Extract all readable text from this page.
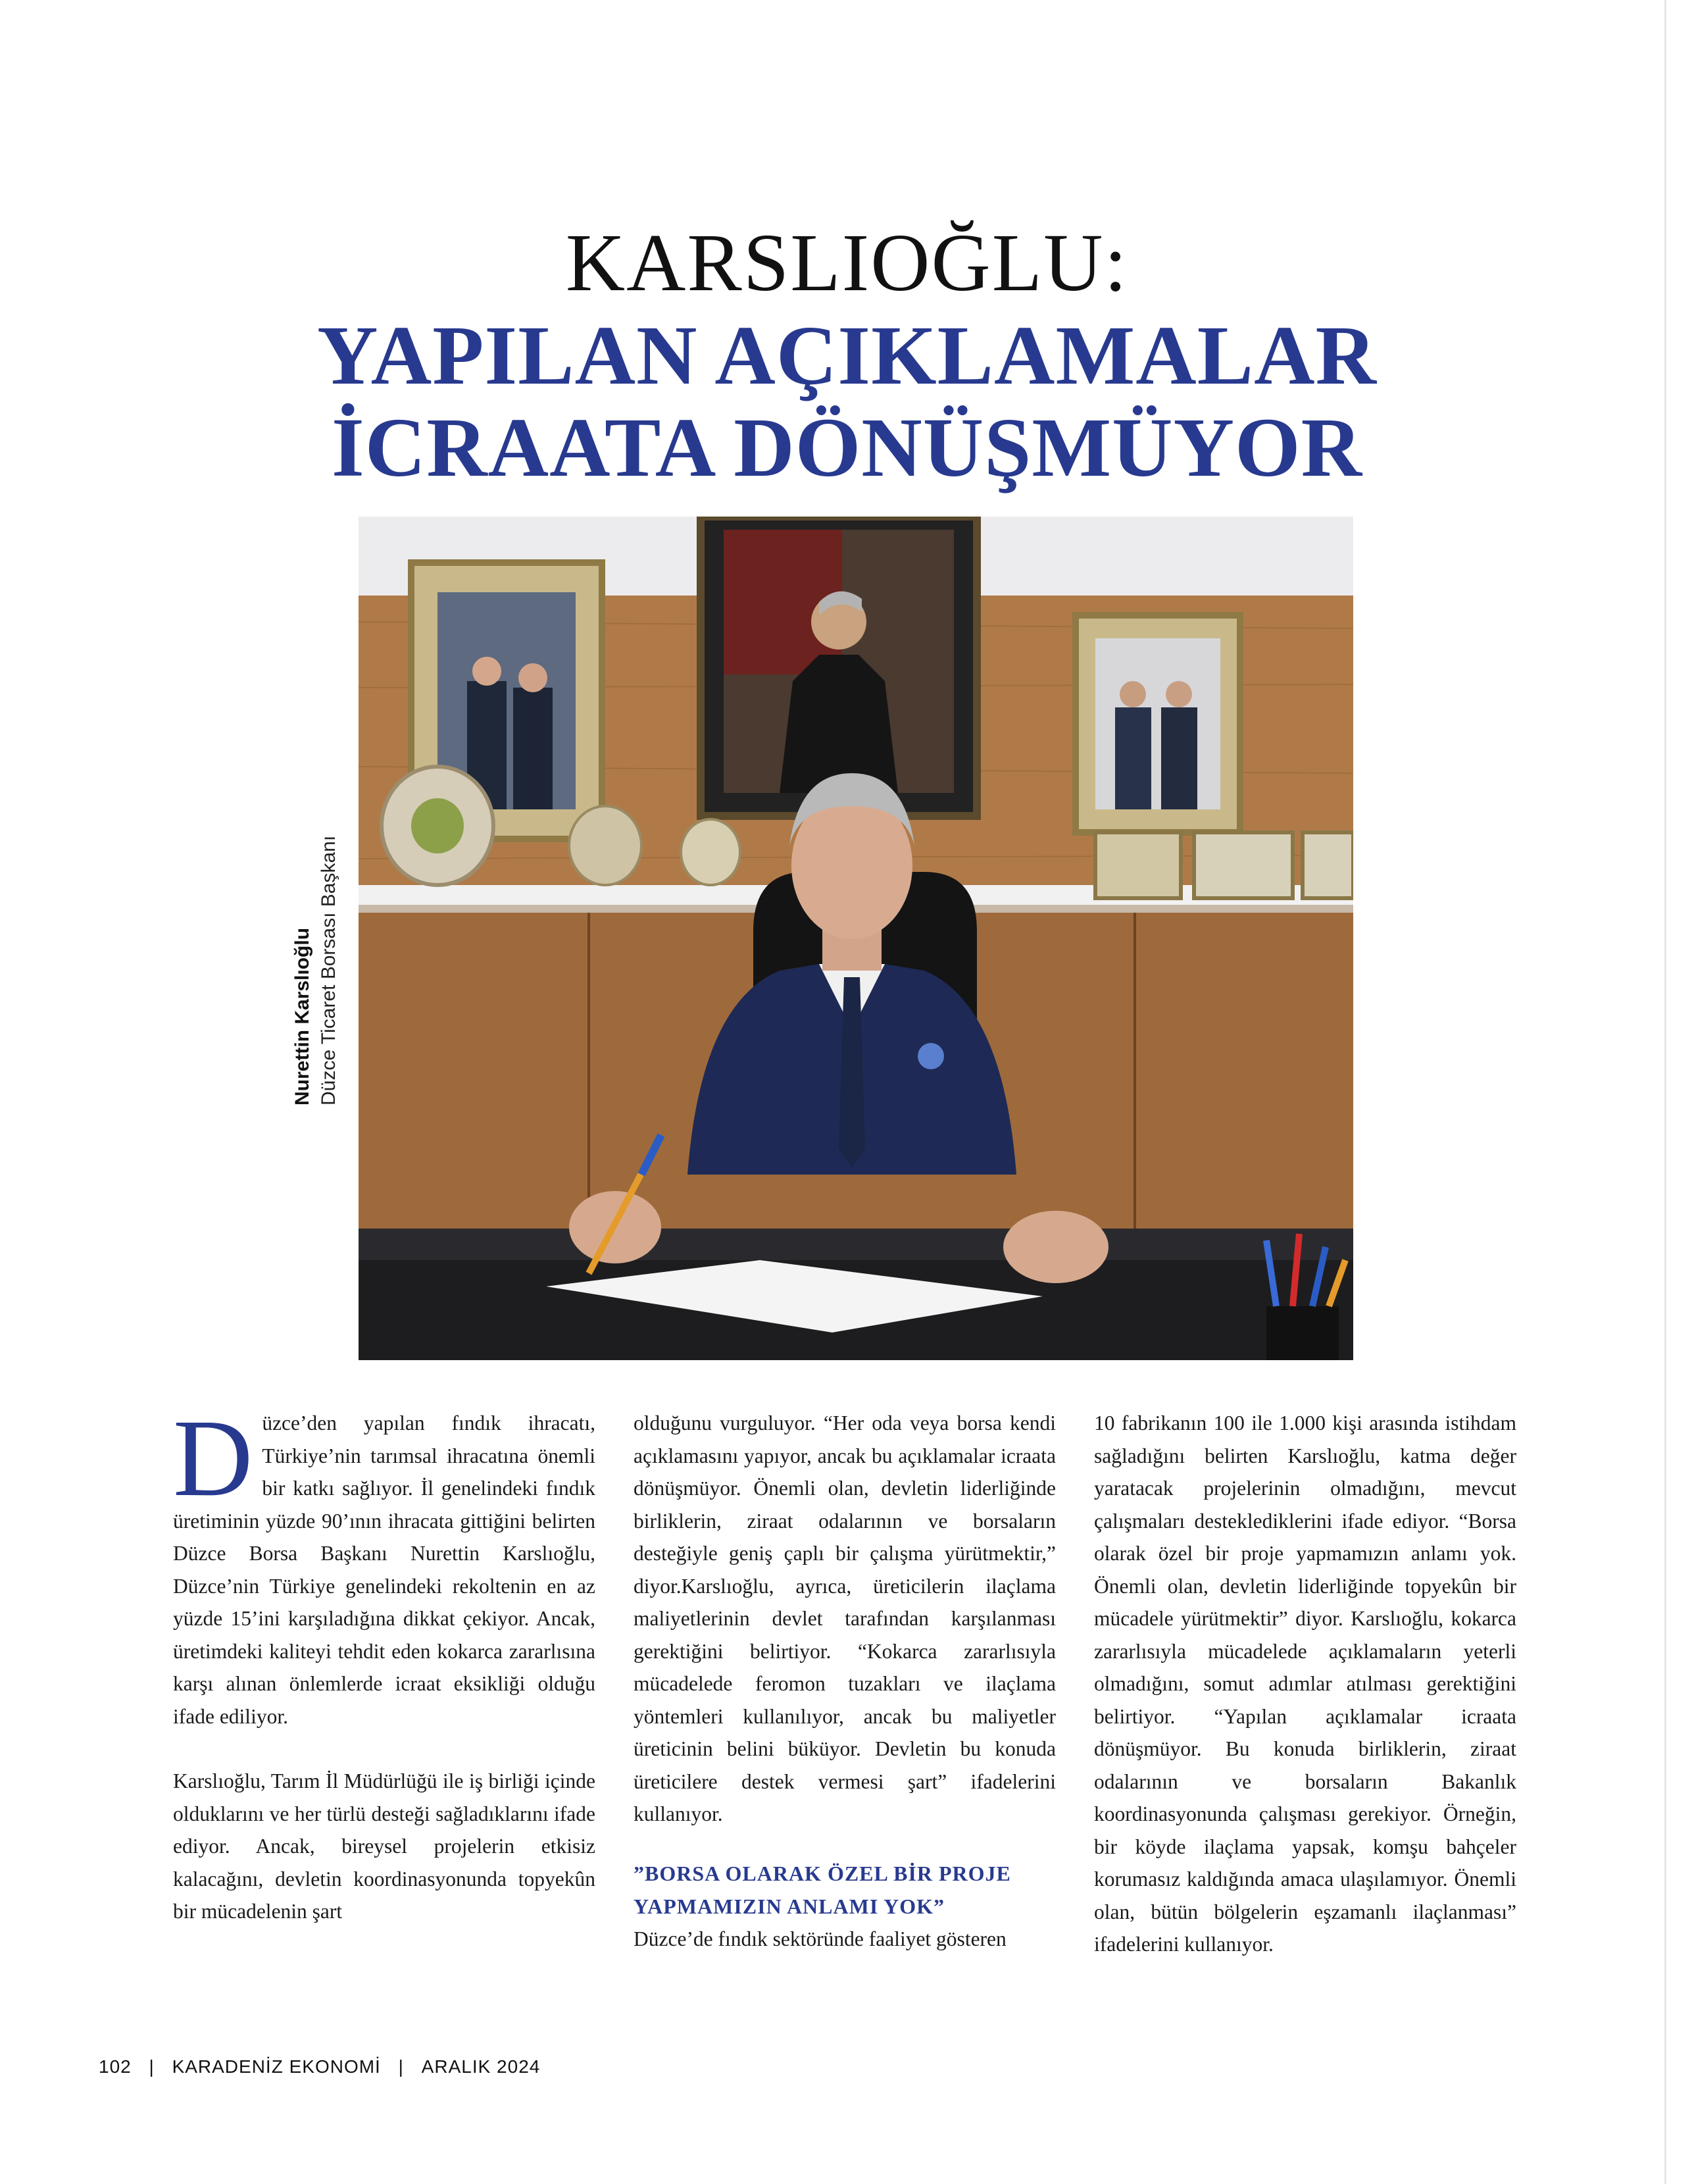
KARSLIOĞLU:
YAPILAN AÇIKLAMALAR
İCRAATA DÖNÜŞMÜYOR
Nurettin Karslıoğlu Düzce Ticaret Borsası Başkanı

Düzce’den yapılan fındık ihracatı, Türkiye’nin tarımsal ihracatına önemli bir katkı sağlıyor. İl genelindeki fındık üretiminin yüzde 90’ının ihracata gittiğini belirten Düzce Borsa Başkanı Nurettin Karslıoğlu, Düzce’nin Türkiye genelindeki rekoltenin en az yüzde 15’ini karşıladığına dikkat çekiyor. Ancak, üretimdeki kaliteyi tehdit eden kokarca zararlısına karşı alınan önlemlerde icraat eksikliği olduğu ifade ediliyor.

Karslıoğlu, Tarım İl Müdürlüğü ile iş birliği içinde olduklarını ve her türlü desteği sağladıklarını ifade ediyor. Ancak, bireysel projelerin etkisiz kalacağını, devletin koordinasyonunda topyekûn bir mücadelenin şart

olduğunu vurguluyor. “Her oda veya borsa kendi açıklamasını yapıyor, ancak bu açıklamalar icraata dönüşmüyor. Önemli olan, devletin liderliğinde birliklerin, ziraat odalarının ve borsaların desteğiyle geniş çaplı bir çalışma yürütmektir,” diyor.Karslıoğlu, ayrıca, üreticilerin ilaçlama maliyetlerinin devlet tarafından karşılanması gerektiğini belirtiyor. “Kokarca zararlısıyla mücadelede feromon tuzakları ve ilaçlama yöntemleri kullanılıyor, ancak bu maliyetler üreticinin belini büküyor. Devletin bu konuda üreticilere destek vermesi şart” ifadelerini kullanıyor.

”BORSA OLARAK ÖZEL BİR PROJE YAPMAMIZIN ANLAMI YOK”

Düzce’de fındık sektöründe faaliyet gösteren

10 fabrikanın 100 ile 1.000 kişi arasında istihdam sağladığını belirten Karslıoğlu, katma değer yaratacak projelerinin olmadığını, mevcut çalışmaları desteklediklerini ifade ediyor. “Borsa olarak özel bir proje yapmamızın anlamı yok. Önemli olan, devletin liderliğinde topyekûn bir mücadele yürütmektir” diyor. Karslıoğlu, kokarca zararlısıyla mücadelede açıklamaların yeterli olmadığını, somut adımlar atılması gerektiğini belirtiyor. “Yapılan açıklamalar icraata dönüşmüyor. Bu konuda birliklerin, ziraat odalarının ve borsaların Bakanlık koordinasyonunda çalışması gerekiyor. Örneğin, bir köyde ilaçlama yapsak, komşu bahçeler korumasız kaldığında amaca ulaşılamıyor. Önemli olan, bütün bölgelerin eşzamanlı ilaçlanması” ifadelerini kullanıyor.

102 | KARADENİZ EKONOMİ | ARALIK 2024
